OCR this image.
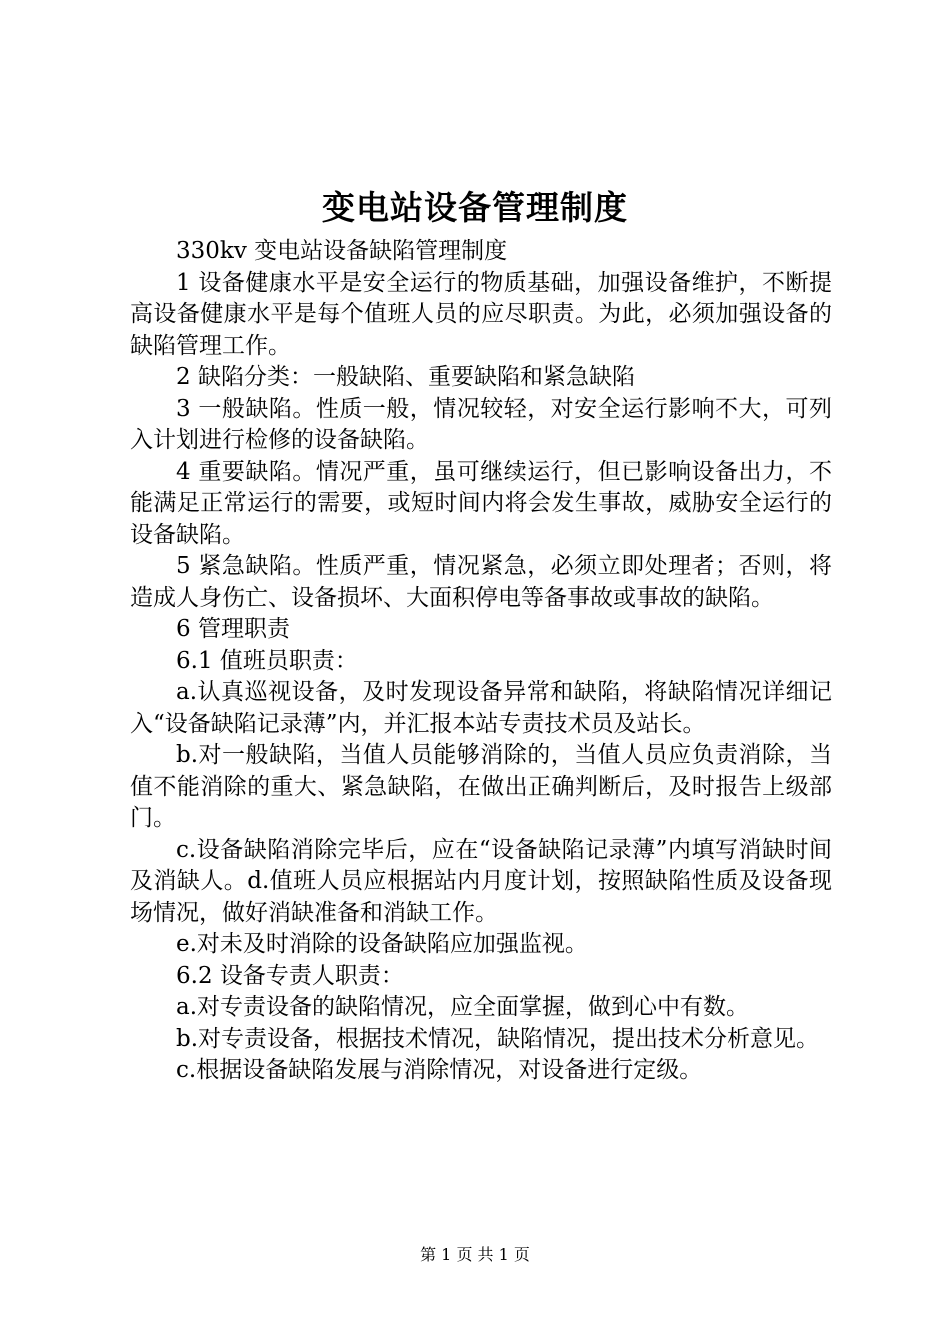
变电站设备管理制度

330kv 变电站设备缺陷管理制度

1 设备健康水平是安全运行的物质基础，加强设备维护，不断提高设备健康水平是每个值班人员的应尽职责。为此，必须加强设备的缺陷管理工作。

2 缺陷分类：一般缺陷、重要缺陷和紧急缺陷

3 一般缺陷。性质一般，情况较轻，对安全运行影响不大，可列入计划进行检修的设备缺陷。

4 重要缺陷。情况严重，虽可继续运行，但已影响设备出力，不能满足正常运行的需要，或短时间内将会发生事故，威胁安全运行的设备缺陷。

5 紧急缺陷。性质严重，情况紧急，必须立即处理者；否则，将造成人身伤亡、设备损坏、大面积停电等备事故或事故的缺陷。

6 管理职责

6.1 值班员职责：

a.认真巡视设备，及时发现设备异常和缺陷，将缺陷情况详细记入“设备缺陷记录薄”内，并汇报本站专责技术员及站长。

b.对一般缺陷，当值人员能够消除的，当值人员应负责消除，当值不能消除的重大、紧急缺陷，在做出正确判断后，及时报告上级部门。

c.设备缺陷消除完毕后，应在“设备缺陷记录薄”内填写消缺时间及消缺人。d.值班人员应根据站内月度计划，按照缺陷性质及设备现场情况，做好消缺准备和消缺工作。

e.对未及时消除的设备缺陷应加强监视。

6.2 设备专责人职责：

a.对专责设备的缺陷情况，应全面掌握，做到心中有数。

b.对专责设备，根据技术情况，缺陷情况，提出技术分析意见。

c.根据设备缺陷发展与消除情况，对设备进行定级。

第 1 页 共 1 页
